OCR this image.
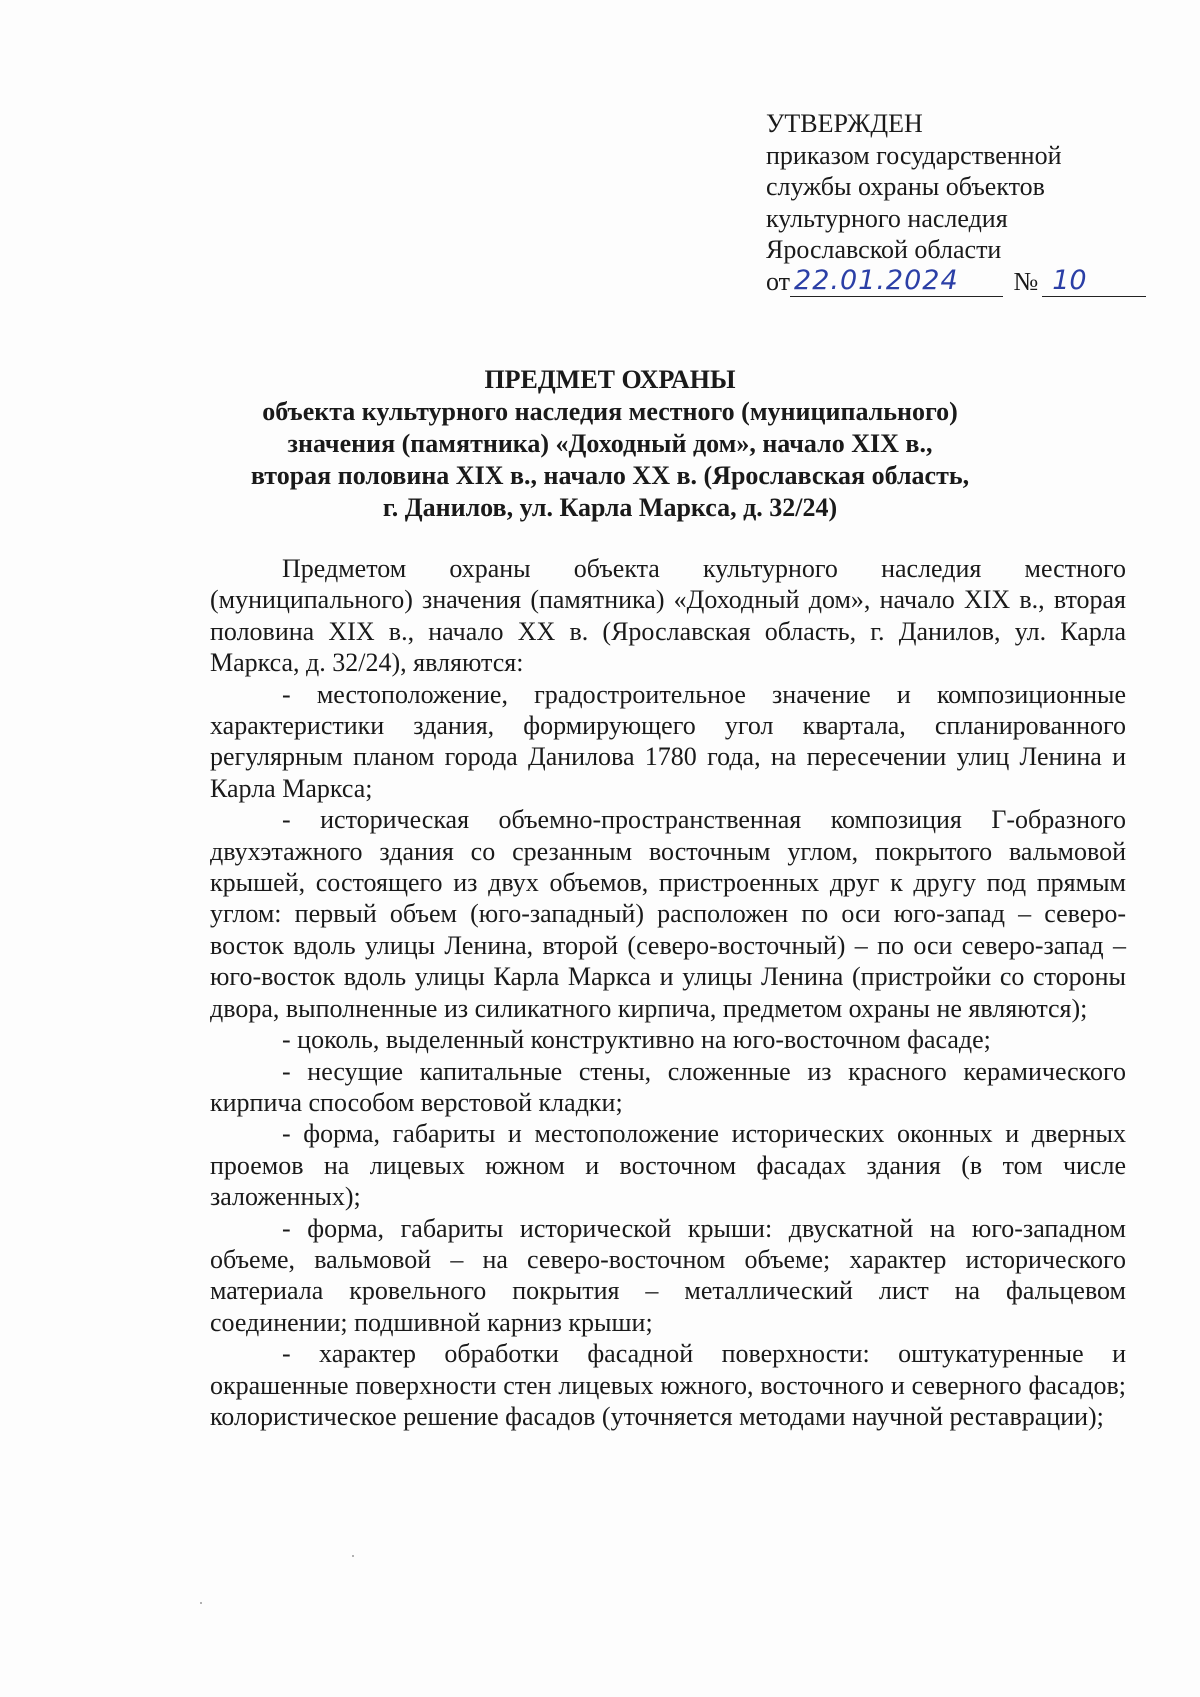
УТВЕРЖДЕН
приказом государственной
службы охраны объектов
культурного наследия
Ярославской области
от 22.01.2024	№ 10
ПРЕДМЕТ ОХРАНЫ
объекта культурного наследия местного (муниципального)
значения (памятника) «Доходный дом», начало XIX в.,
вторая половина XIX в., начало XX в. (Ярославская область,
г. Данилов, ул. Карла Маркса, д. 32/24)

Предметом охраны объекта культурного наследия местного (муниципального) значения (памятника) «Доходный дом», начало XIX в., вторая половина XIX в., начало XX в. (Ярославская область, г. Данилов, ул. Карла Маркса, д. 32/24), являются:

- местоположение, градостроительное значение и композиционные характеристики здания, формирующего угол квартала, спланированного регулярным планом города Данилова 1780 года, на пересечении улиц Ленина и Карла Маркса;

- историческая объемно-пространственная композиция Г-образного двухэтажного здания со срезанным восточным углом, покрытого вальмовой крышей, состоящего из двух объемов, пристроенных друг к другу под прямым углом: первый объем (юго-западный) расположен по оси юго-запад – северо-восток вдоль улицы Ленина, второй (северо-восточный) – по оси северо-запад – юго-восток вдоль улицы Карла Маркса и улицы Ленина (пристройки со стороны двора, выполненные из силикатного кирпича, предметом охраны не являются);

- цоколь, выделенный конструктивно на юго-восточном фасаде;

- несущие капитальные стены, сложенные из красного керамического кирпича способом верстовой кладки;

- форма, габариты и местоположение исторических оконных и дверных проемов на лицевых южном и восточном фасадах здания (в том числе заложенных);

- форма, габариты исторической крыши: двускатной на юго-западном объеме, вальмовой – на северо-восточном объеме; характер исторического материала кровельного покрытия – металлический лист на фальцевом соединении; подшивной карниз крыши;

- характер обработки фасадной поверхности: оштукатуренные и окрашенные поверхности стен лицевых южного, восточного и северного фасадов; колористическое решение фасадов (уточняется методами научной реставрации);
